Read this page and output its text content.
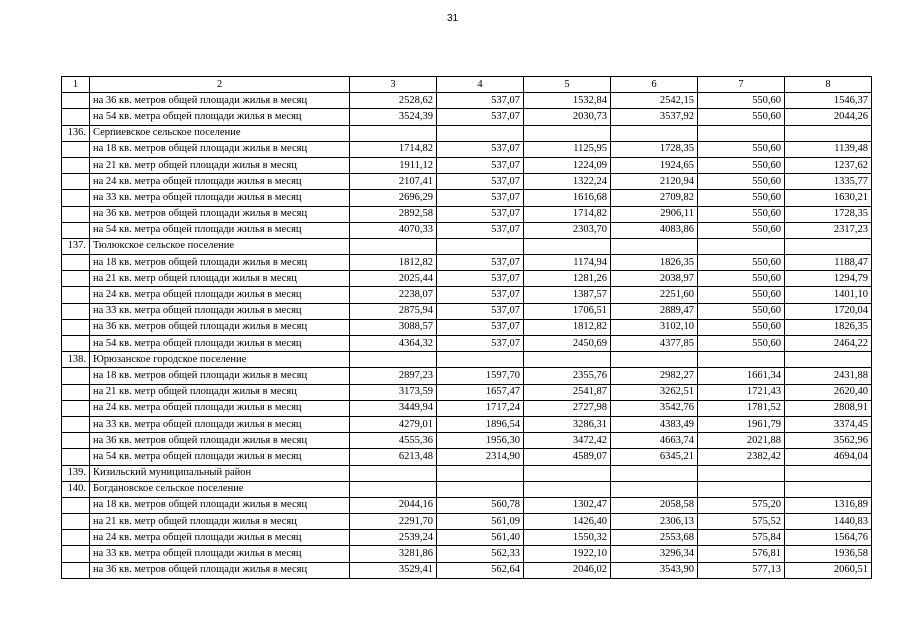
31
1	2	3	4	5	6	7	8
	на 36 кв. метров общей площади жилья в месяц	2528,62	537,07	1532,84	2542,15	550,60	1546,37
	на 54 кв. метра общей площади жилья в месяц	3524,39	537,07	2030,73	3537,92	550,60	2044,26
136.	Серпиевское сельское поселение						
	на 18 кв. метров общей площади жилья в месяц	1714,82	537,07	1125,95	1728,35	550,60	1139,48
	на 21 кв. метр общей площади жилья в месяц	1911,12	537,07	1224,09	1924,65	550,60	1237,62
	на 24 кв. метра общей площади жилья в месяц	2107,41	537,07	1322,24	2120,94	550,60	1335,77
	на 33 кв. метра общей площади жилья в месяц	2696,29	537,07	1616,68	2709,82	550,60	1630,21
	на 36 кв. метров общей площади жилья в месяц	2892,58	537,07	1714,82	2906,11	550,60	1728,35
	на 54 кв. метра общей площади жилья в месяц	4070,33	537,07	2303,70	4083,86	550,60	2317,23
137.	Тюлюкское сельское поселение						
	на 18 кв. метров общей площади жилья в месяц	1812,82	537,07	1174,94	1826,35	550,60	1188,47
	на 21 кв. метр общей площади жилья в месяц	2025,44	537,07	1281,26	2038,97	550,60	1294,79
	на 24 кв. метра общей площади жилья в месяц	2238,07	537,07	1387,57	2251,60	550,60	1401,10
	на 33 кв. метра общей площади жилья в месяц	2875,94	537,07	1706,51	2889,47	550,60	1720,04
	на 36 кв. метров общей площади жилья в месяц	3088,57	537,07	1812,82	3102,10	550,60	1826,35
	на 54 кв. метра общей площади жилья в месяц	4364,32	537,07	2450,69	4377,85	550,60	2464,22
138.	Юрюзанское городское поселение						
	на 18 кв. метров общей площади жилья в месяц	2897,23	1597,70	2355,76	2982,27	1661,34	2431,88
	на 21 кв. метр общей площади жилья в месяц	3173,59	1657,47	2541,87	3262,51	1721,43	2620,40
	на 24 кв. метра общей площади жилья в месяц	3449,94	1717,24	2727,98	3542,76	1781,52	2808,91
	на 33 кв. метра общей площади жилья в месяц	4279,01	1896,54	3286,31	4383,49	1961,79	3374,45
	на 36 кв. метров общей площади жилья в месяц	4555,36	1956,30	3472,42	4663,74	2021,88	3562,96
	на 54 кв. метра общей площади жилья в месяц	6213,48	2314,90	4589,07	6345,21	2382,42	4694,04
139.	Кизильский муниципальный район						
140.	Богдановское сельское поселение						
	на 18 кв. метров общей площади жилья в месяц	2044,16	560,78	1302,47	2058,58	575,20	1316,89
	на 21 кв. метр общей площади жилья в месяц	2291,70	561,09	1426,40	2306,13	575,52	1440,83
	на 24 кв. метра общей площади жилья в месяц	2539,24	561,40	1550,32	2553,68	575,84	1564,76
	на 33 кв. метра общей площади жилья в месяц	3281,86	562,33	1922,10	3296,34	576,81	1936,58
	на 36 кв. метров общей площади жилья в месяц	3529,41	562,64	2046,02	3543,90	577,13	2060,51
